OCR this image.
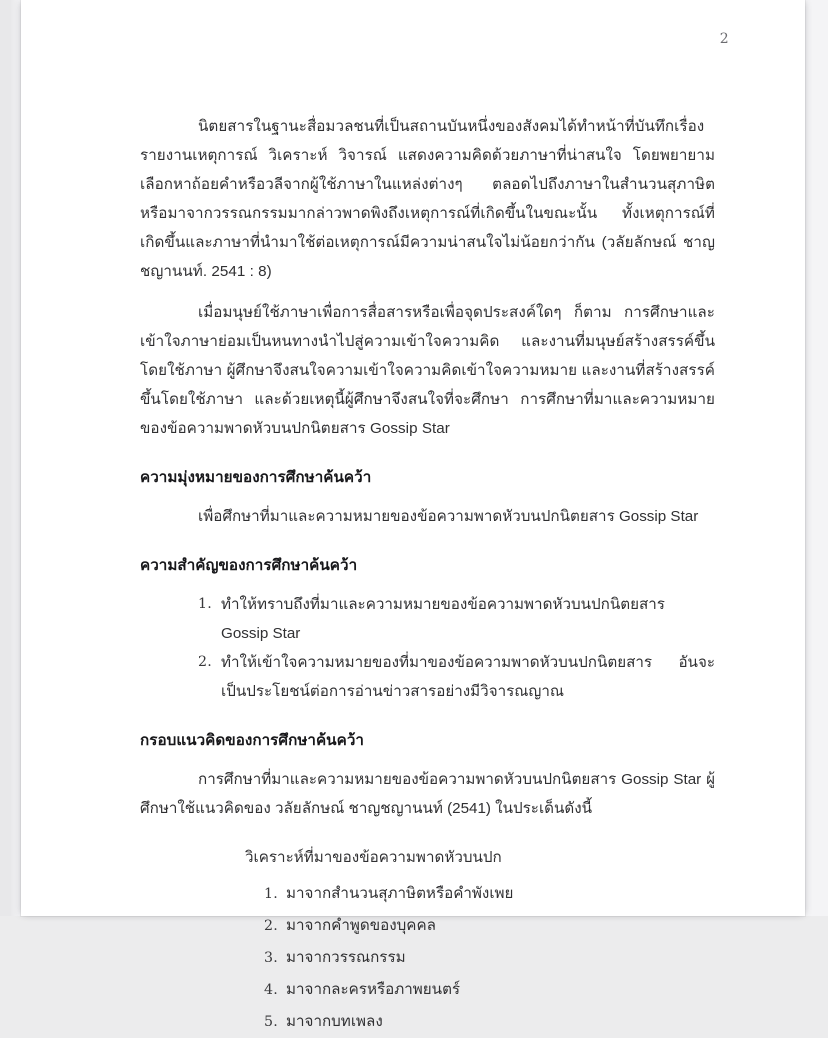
2

นิตยสารในฐานะสื่อมวลชนที่เป็นสถานบันหนึ่งของสังคมได้ทำหน้าที่บันทึกเรื่อง รายงานเหตุการณ์ วิเคราะห์ วิจารณ์ แสดงความคิดด้วยภาษาที่น่าสนใจ โดยพยายามเลือกหาถ้อยคำหรือวลีจากผู้ใช้ภาษาในแหล่งต่างๆ ตลอดไปถึงภาษาในสำนวนสุภาษิตหรือมาจากวรรณกรรมมากล่าวพาดพิงถึงเหตุการณ์ที่เกิดขึ้นในขณะนั้น ทั้งเหตุการณ์ที่เกิดขึ้นและภาษาที่นำมาใช้ต่อเหตุการณ์มีความน่าสนใจไม่น้อยกว่ากัน (วลัยลักษณ์ ชาญชญานนท์. 2541 : 8)

เมื่อมนุษย์ใช้ภาษาเพื่อการสื่อสารหรือเพื่อจุดประสงค์ใดๆ ก็ตาม การศึกษาและเข้าใจภาษาย่อมเป็นหนทางนำไปสู่ความเข้าใจความคิด และงานที่มนุษย์สร้างสรรค์ขึ้นโดยใช้ภาษา ผู้ศึกษาจึงสนใจความเข้าใจความคิดเข้าใจความหมาย และงานที่สร้างสรรค์ขึ้นโดยใช้ภาษา และด้วยเหตุนี้ผู้ศึกษาจึงสนใจที่จะศึกษา การศึกษาที่มาและความหมายของข้อความพาดหัวบนปกนิตยสาร Gossip Star

ความมุ่งหมายของการศึกษาค้นคว้า

เพื่อศึกษาที่มาและความหมายของข้อความพาดหัวบนปกนิตยสาร Gossip Star

ความสำคัญของการศึกษาค้นคว้า
1. ทำให้ทราบถึงที่มาและความหมายของข้อความพาดหัวบนปกนิตยสาร Gossip Star
2. ทำให้เข้าใจความหมายของที่มาของข้อความพาดหัวบนปกนิตยสาร อันจะเป็นประโยชน์ต่อการอ่านข่าวสารอย่างมีวิจารณญาณ
กรอบแนวคิดของการศึกษาค้นคว้า

การศึกษาที่มาและความหมายของข้อความพาดหัวบนปกนิตยสาร Gossip Star ผู้ศึกษาใช้แนวคิดของ วลัยลักษณ์ ชาญชญานนท์ (2541) ในประเด็นดังนี้

วิเคราะห์ที่มาของข้อความพาดหัวบนปก

1. มาจากสำนวนสุภาษิตหรือคำพังเพย
2. มาจากคำพูดของบุคคล
3. มาจากวรรณกรรม
4. มาจากละครหรือภาพยนตร์
5. มาจากบทเพลง
